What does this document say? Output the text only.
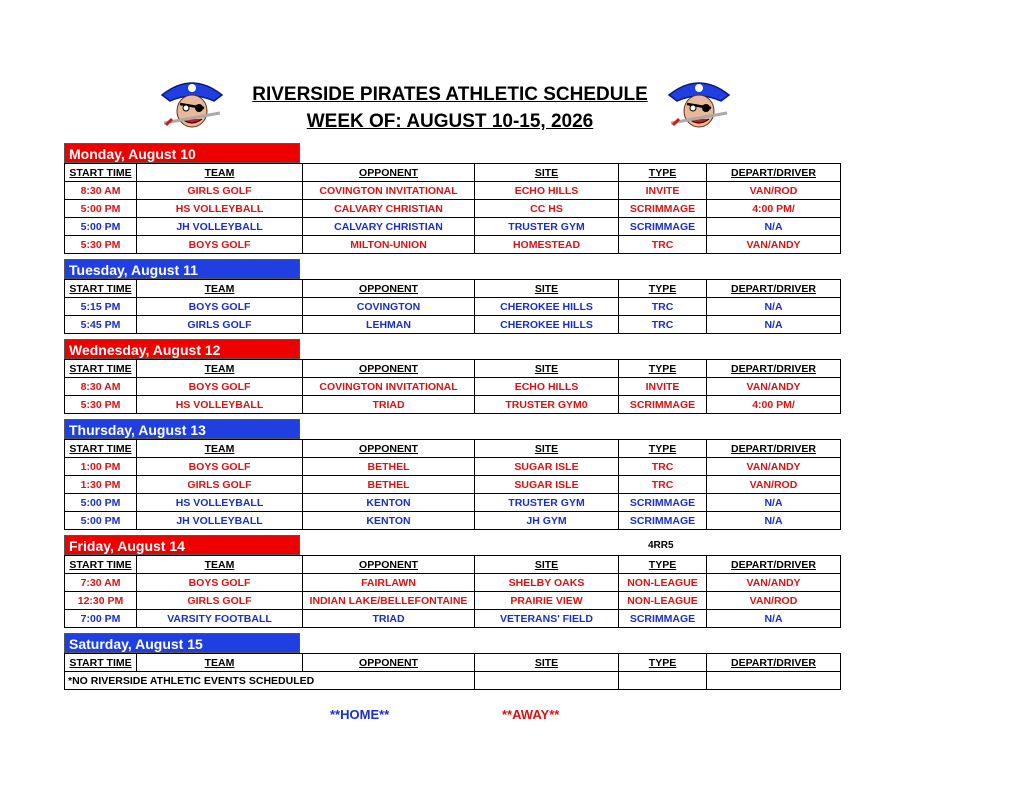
RIVERSIDE PIRATES ATHLETIC SCHEDULE
WEEK OF: AUGUST 10-15, 2026
Monday, August 10
START TIME	TEAM	OPPONENT	SITE	TYPE	DEPART/DRIVER
8:30 AM	GIRLS GOLF	COVINGTON INVITATIONAL	ECHO HILLS	INVITE	VAN/ROD
5:00 PM	HS VOLLEYBALL	CALVARY CHRISTIAN	CC HS	SCRIMMAGE	4:00 PM/
5:00 PM	JH VOLLEYBALL	CALVARY CHRISTIAN	TRUSTER GYM	SCRIMMAGE	N/A
5:30 PM	BOYS GOLF	MILTON-UNION	HOMESTEAD	TRC	VAN/ANDY
Tuesday, August 11
START TIME	TEAM	OPPONENT	SITE	TYPE	DEPART/DRIVER
5:15 PM	BOYS GOLF	COVINGTON	CHEROKEE HILLS	TRC	N/A
5:45 PM	GIRLS GOLF	LEHMAN	CHEROKEE HILLS	TRC	N/A
Wednesday, August 12
START TIME	TEAM	OPPONENT	SITE	TYPE	DEPART/DRIVER
8:30 AM	BOYS GOLF	COVINGTON INVITATIONAL	ECHO HILLS	INVITE	VAN/ANDY
5:30 PM	HS VOLLEYBALL	TRIAD	TRUSTER GYM0	SCRIMMAGE	4:00 PM/
Thursday, August 13
START TIME	TEAM	OPPONENT	SITE	TYPE	DEPART/DRIVER
1:00 PM	BOYS GOLF	BETHEL	SUGAR ISLE	TRC	VAN/ANDY
1:30 PM	GIRLS GOLF	BETHEL	SUGAR ISLE	TRC	VAN/ROD
5:00 PM	HS VOLLEYBALL	KENTON	TRUSTER GYM	SCRIMMAGE	N/A
5:00 PM	JH VOLLEYBALL	KENTON	JH GYM	SCRIMMAGE	N/A
Friday, August 14	4RR5
START TIME	TEAM	OPPONENT	SITE	TYPE	DEPART/DRIVER
7:30 AM	BOYS GOLF	FAIRLAWN	SHELBY OAKS	NON-LEAGUE	VAN/ANDY
12:30 PM	GIRLS GOLF	INDIAN LAKE/BELLEFONTAINE	PRAIRIE VIEW	NON-LEAGUE	VAN/ROD
7:00 PM	VARSITY FOOTBALL	TRIAD	VETERANS' FIELD	SCRIMMAGE	N/A
Saturday, August 15
START TIME	TEAM	OPPONENT	SITE	TYPE	DEPART/DRIVER
*NO RIVERSIDE ATHLETIC EVENTS SCHEDULED					
**HOME**	**AWAY**
